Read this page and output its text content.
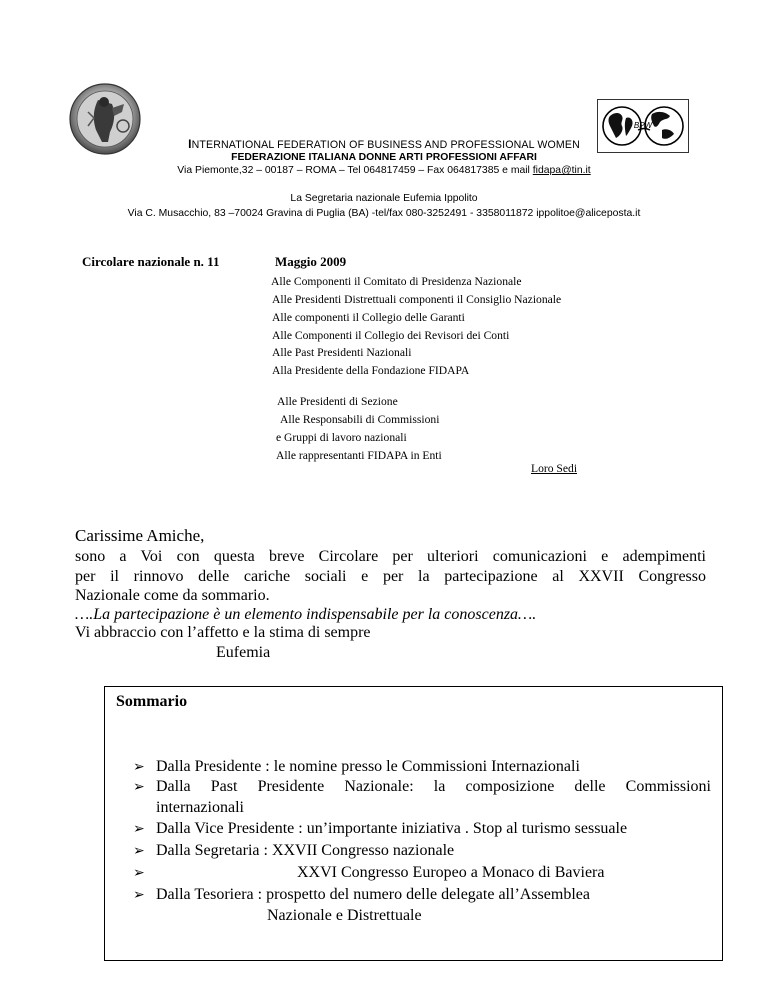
BPW
INTERNATIONAL FEDERATION OF BUSINESS AND PROFESSIONAL WOMEN
FEDERAZIONE ITALIANA DONNE ARTI PROFESSIONI AFFARI
Via Piemonte,32 – 00187 – ROMA – Tel 064817459 – Fax 064817385 e mail fidapa@tin.it
La Segretaria nazionale Eufemia Ippolito
Via C. Musacchio, 83 –70024 Gravina di Puglia (BA) -tel/fax 080-3252491 - 3358011872 ippolitoe@aliceposta.it
Circolare nazionale n. 11	Maggio 2009
Alle Componenti il Comitato di Presidenza Nazionale
Alle Presidenti Distrettuali componenti il Consiglio Nazionale
Alle componenti il Collegio delle Garanti
Alle Componenti il Collegio dei Revisori dei Conti
Alle Past Presidenti Nazionali
Alla Presidente della Fondazione FIDAPA
Alle Presidenti di Sezione
Alle Responsabili di Commissioni
e Gruppi di lavoro nazionali
Alle rappresentanti FIDAPA in Enti
Loro Sedi
Carissime Amiche,
sono a Voi con questa breve Circolare per ulteriori comunicazioni e adempimenti
per il rinnovo delle cariche sociali e per la partecipazione al XXVII Congresso
Nazionale come da sommario.
….La partecipazione è un elemento indispensabile per la conoscenza….
Vi abbraccio con l’affetto e la stima di sempre
Eufemia
Sommario
➢ Dalla Presidente : le nomine presso le Commissioni Internazionali
➢ Dalla Past Presidente Nazionale: la composizione delle Commissioni
internazionali
➢ Dalla Vice Presidente : un’importante iniziativa . Stop al turismo sessuale
➢ Dalla Segretaria : XXVII Congresso nazionale
➢	XXVI Congresso Europeo a Monaco di Baviera
➢ Dalla Tesoriera : prospetto del numero delle delegate all’Assemblea
Nazionale e Distrettuale
